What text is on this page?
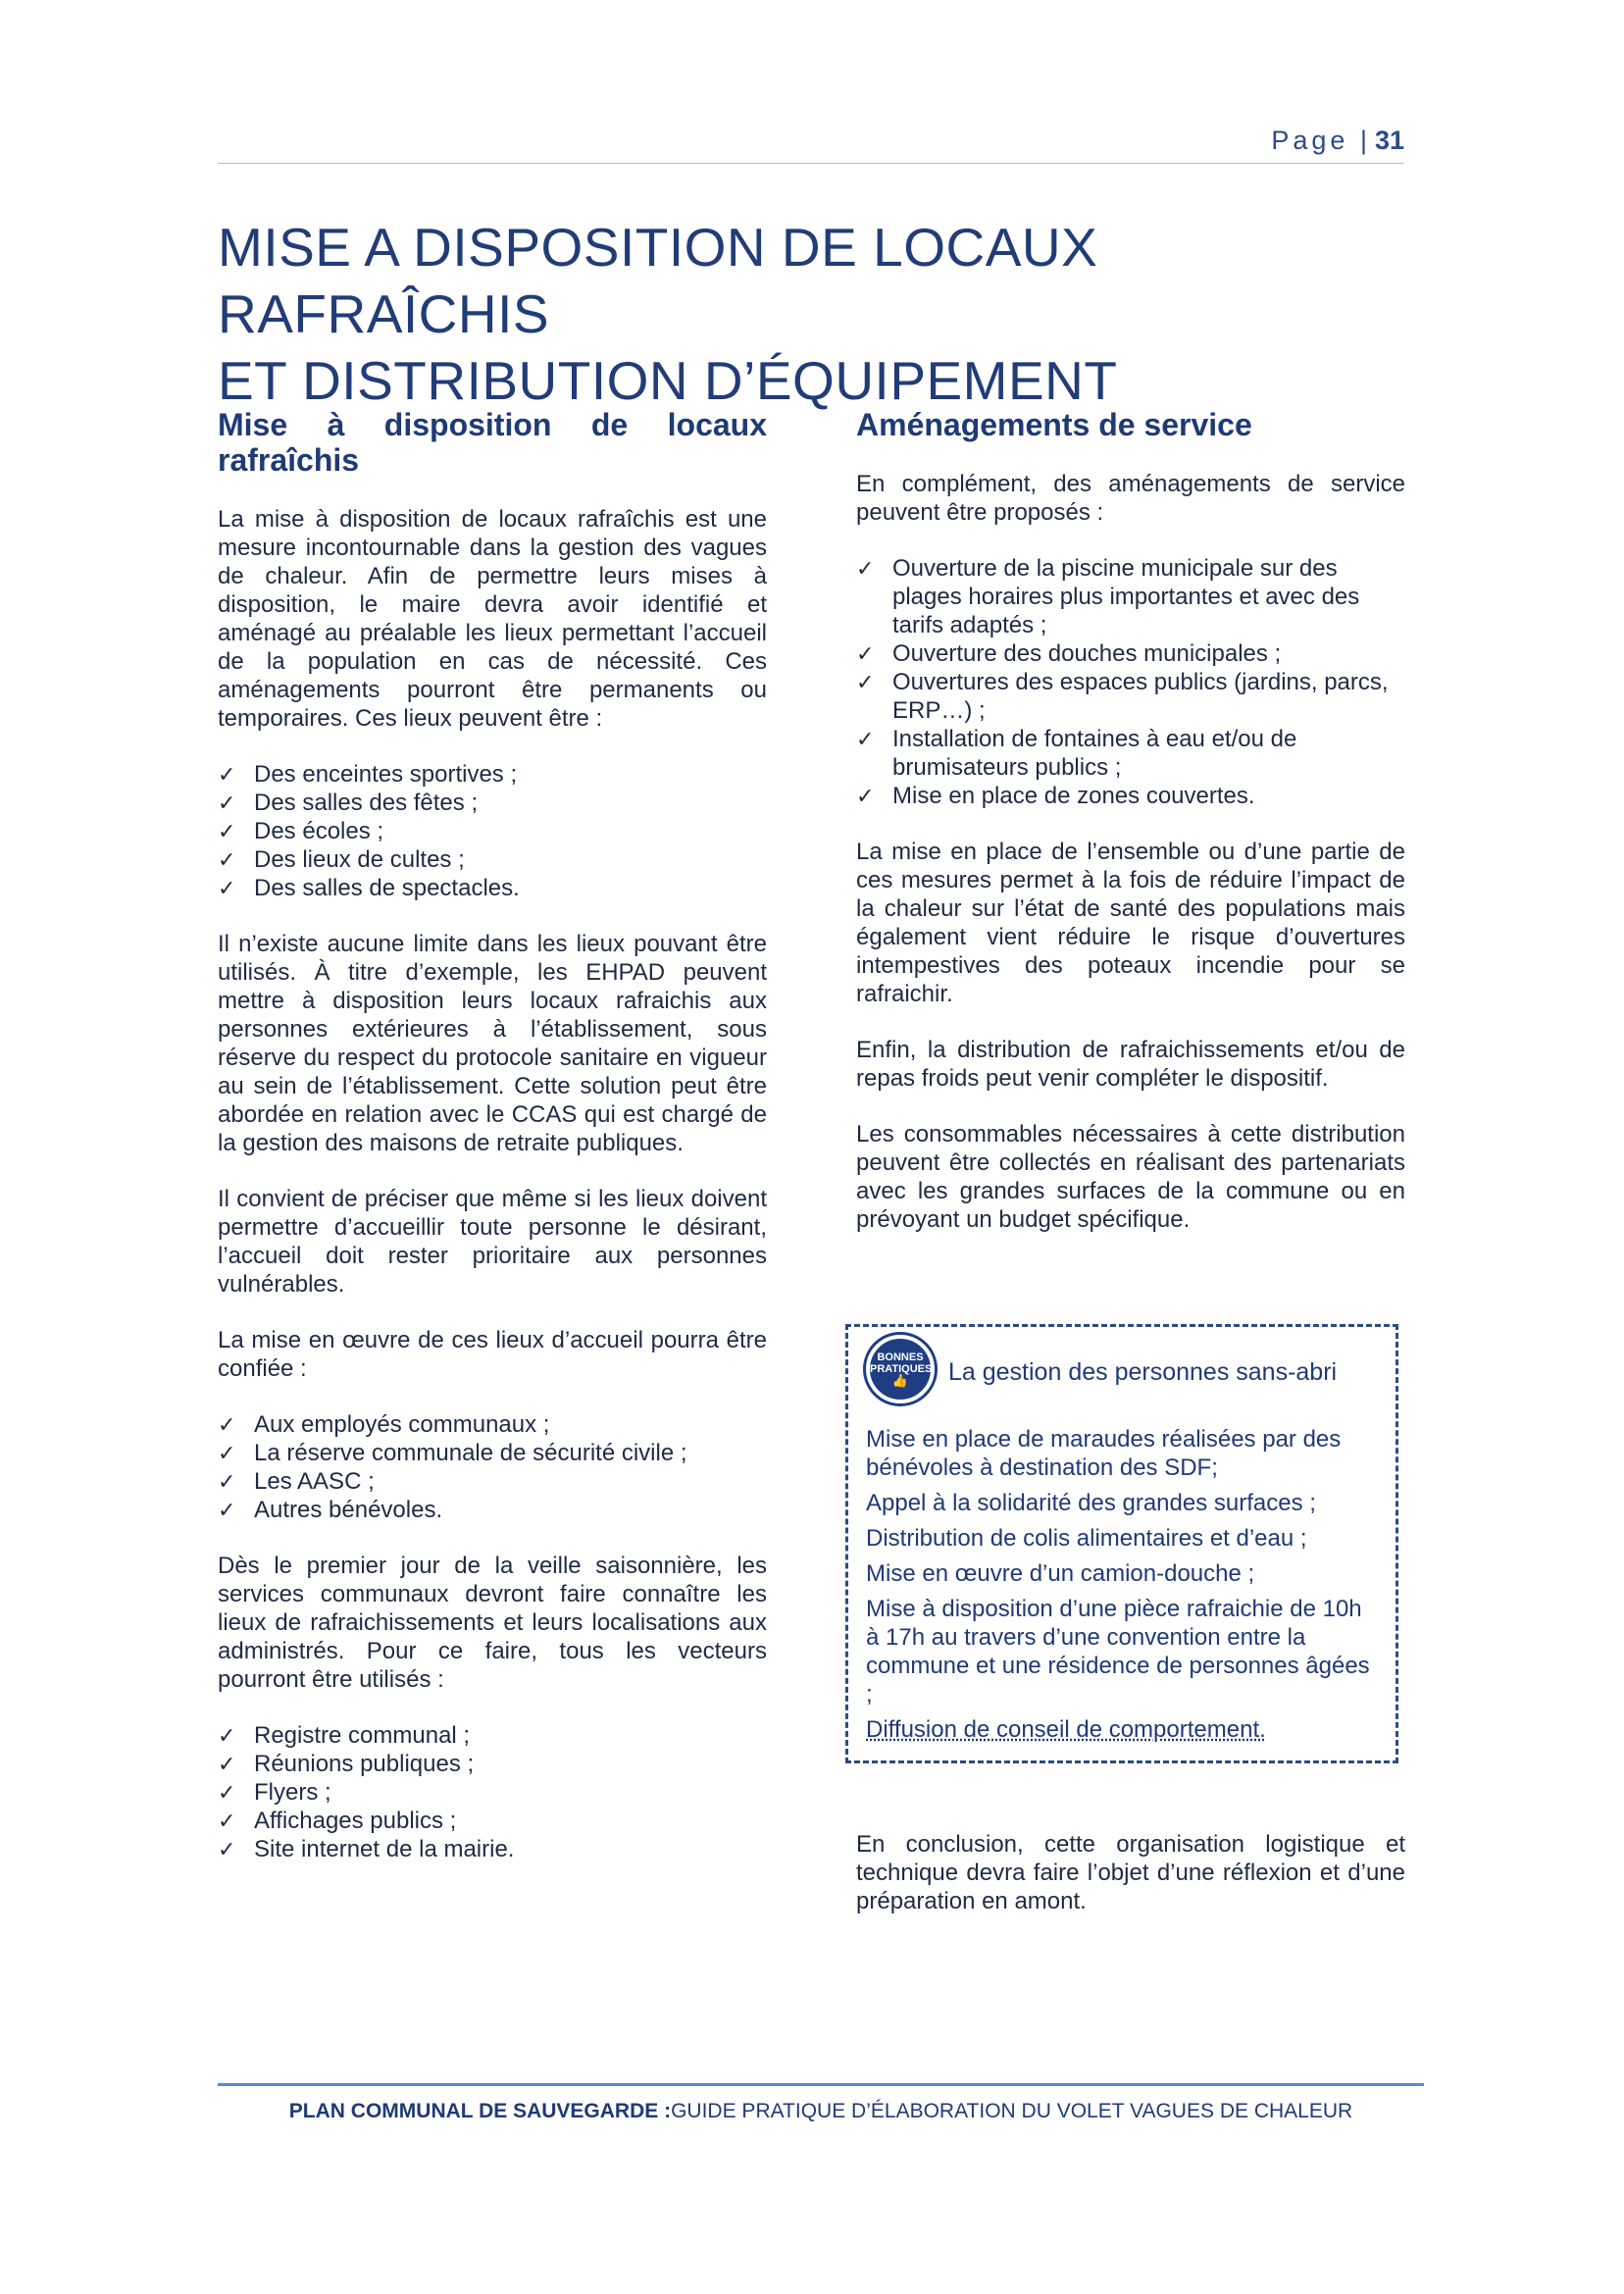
Page | 31
MISE A DISPOSITION DE LOCAUX RAFRAÎCHIS
ET DISTRIBUTION D’ÉQUIPEMENT
Mise à disposition de locaux
rafraîchis

La mise à disposition de locaux rafraîchis est une mesure incontournable dans la gestion des vagues de chaleur. Afin de permettre leurs mises à disposition, le maire devra avoir identifié et aménagé au préalable les lieux permettant l’accueil de la population en cas de nécessité. Ces aménagements pourront être permanents ou temporaires. Ces lieux peuvent être :

✓ Des enceintes sportives ;
✓ Des salles des fêtes ;
✓ Des écoles ;
✓ Des lieux de cultes ;
✓ Des salles de spectacles.

Il n’existe aucune limite dans les lieux pouvant être utilisés. À titre d’exemple, les EHPAD peuvent mettre à disposition leurs locaux rafraichis aux personnes extérieures à l’établissement, sous réserve du respect du protocole sanitaire en vigueur au sein de l’établissement. Cette solution peut être abordée en relation avec le CCAS qui est chargé de la gestion des maisons de retraite publiques.

Il convient de préciser que même si les lieux doivent permettre d’accueillir toute personne le désirant, l’accueil doit rester prioritaire aux personnes vulnérables.

La mise en œuvre de ces lieux d’accueil pourra être confiée :

✓ Aux employés communaux ;
✓ La réserve communale de sécurité civile ;
✓ Les AASC ;
✓ Autres bénévoles.

Dès le premier jour de la veille saisonnière, les services communaux devront faire connaître les lieux de rafraichissements et leurs localisations aux administrés. Pour ce faire, tous les vecteurs pourront être utilisés :

✓ Registre communal ;
✓ Réunions publiques ;
✓ Flyers ;
✓ Affichages publics ;
✓ Site internet de la mairie.
Aménagements de service

En complément, des aménagements de service peuvent être proposés :

✓ Ouverture de la piscine municipale sur des plages horaires plus importantes et avec des tarifs adaptés ;
✓ Ouverture des douches municipales ;
✓ Ouvertures des espaces publics (jardins, parcs, ERP…) ;
✓ Installation de fontaines à eau et/ou de brumisateurs publics ;
✓ Mise en place de zones couvertes.

La mise en place de l’ensemble ou d’une partie de ces mesures permet à la fois de réduire l’impact de la chaleur sur l’état de santé des populations mais également vient réduire le risque d’ouvertures intempestives des poteaux incendie pour se rafraichir.

Enfin, la distribution de rafraichissements et/ou de repas froids peut venir compléter le dispositif.

Les consommables nécessaires à cette distribution peuvent être collectés en réalisant des partenariats avec les grandes surfaces de la commune ou en prévoyant un budget spécifique.

BONNES
PRATIQUES
👍	La gestion des personnes sans-abri

Mise en place de maraudes réalisées par des bénévoles à destination des SDF;

Appel à la solidarité des grandes surfaces ;

Distribution de colis alimentaires et d’eau ;

Mise en œuvre d’un camion-douche ;

Mise à disposition d’une pièce rafraichie de 10h à 17h au travers d’une convention entre la commune et une résidence de personnes âgées ;

Diffusion de conseil de comportement.

En conclusion, cette organisation logistique et technique devra faire l’objet d’une réflexion et d’une préparation en amont.

PLAN COMMUNAL DE SAUVEGARDE :GUIDE PRATIQUE D’ÉLABORATION DU VOLET VAGUES DE CHALEUR
